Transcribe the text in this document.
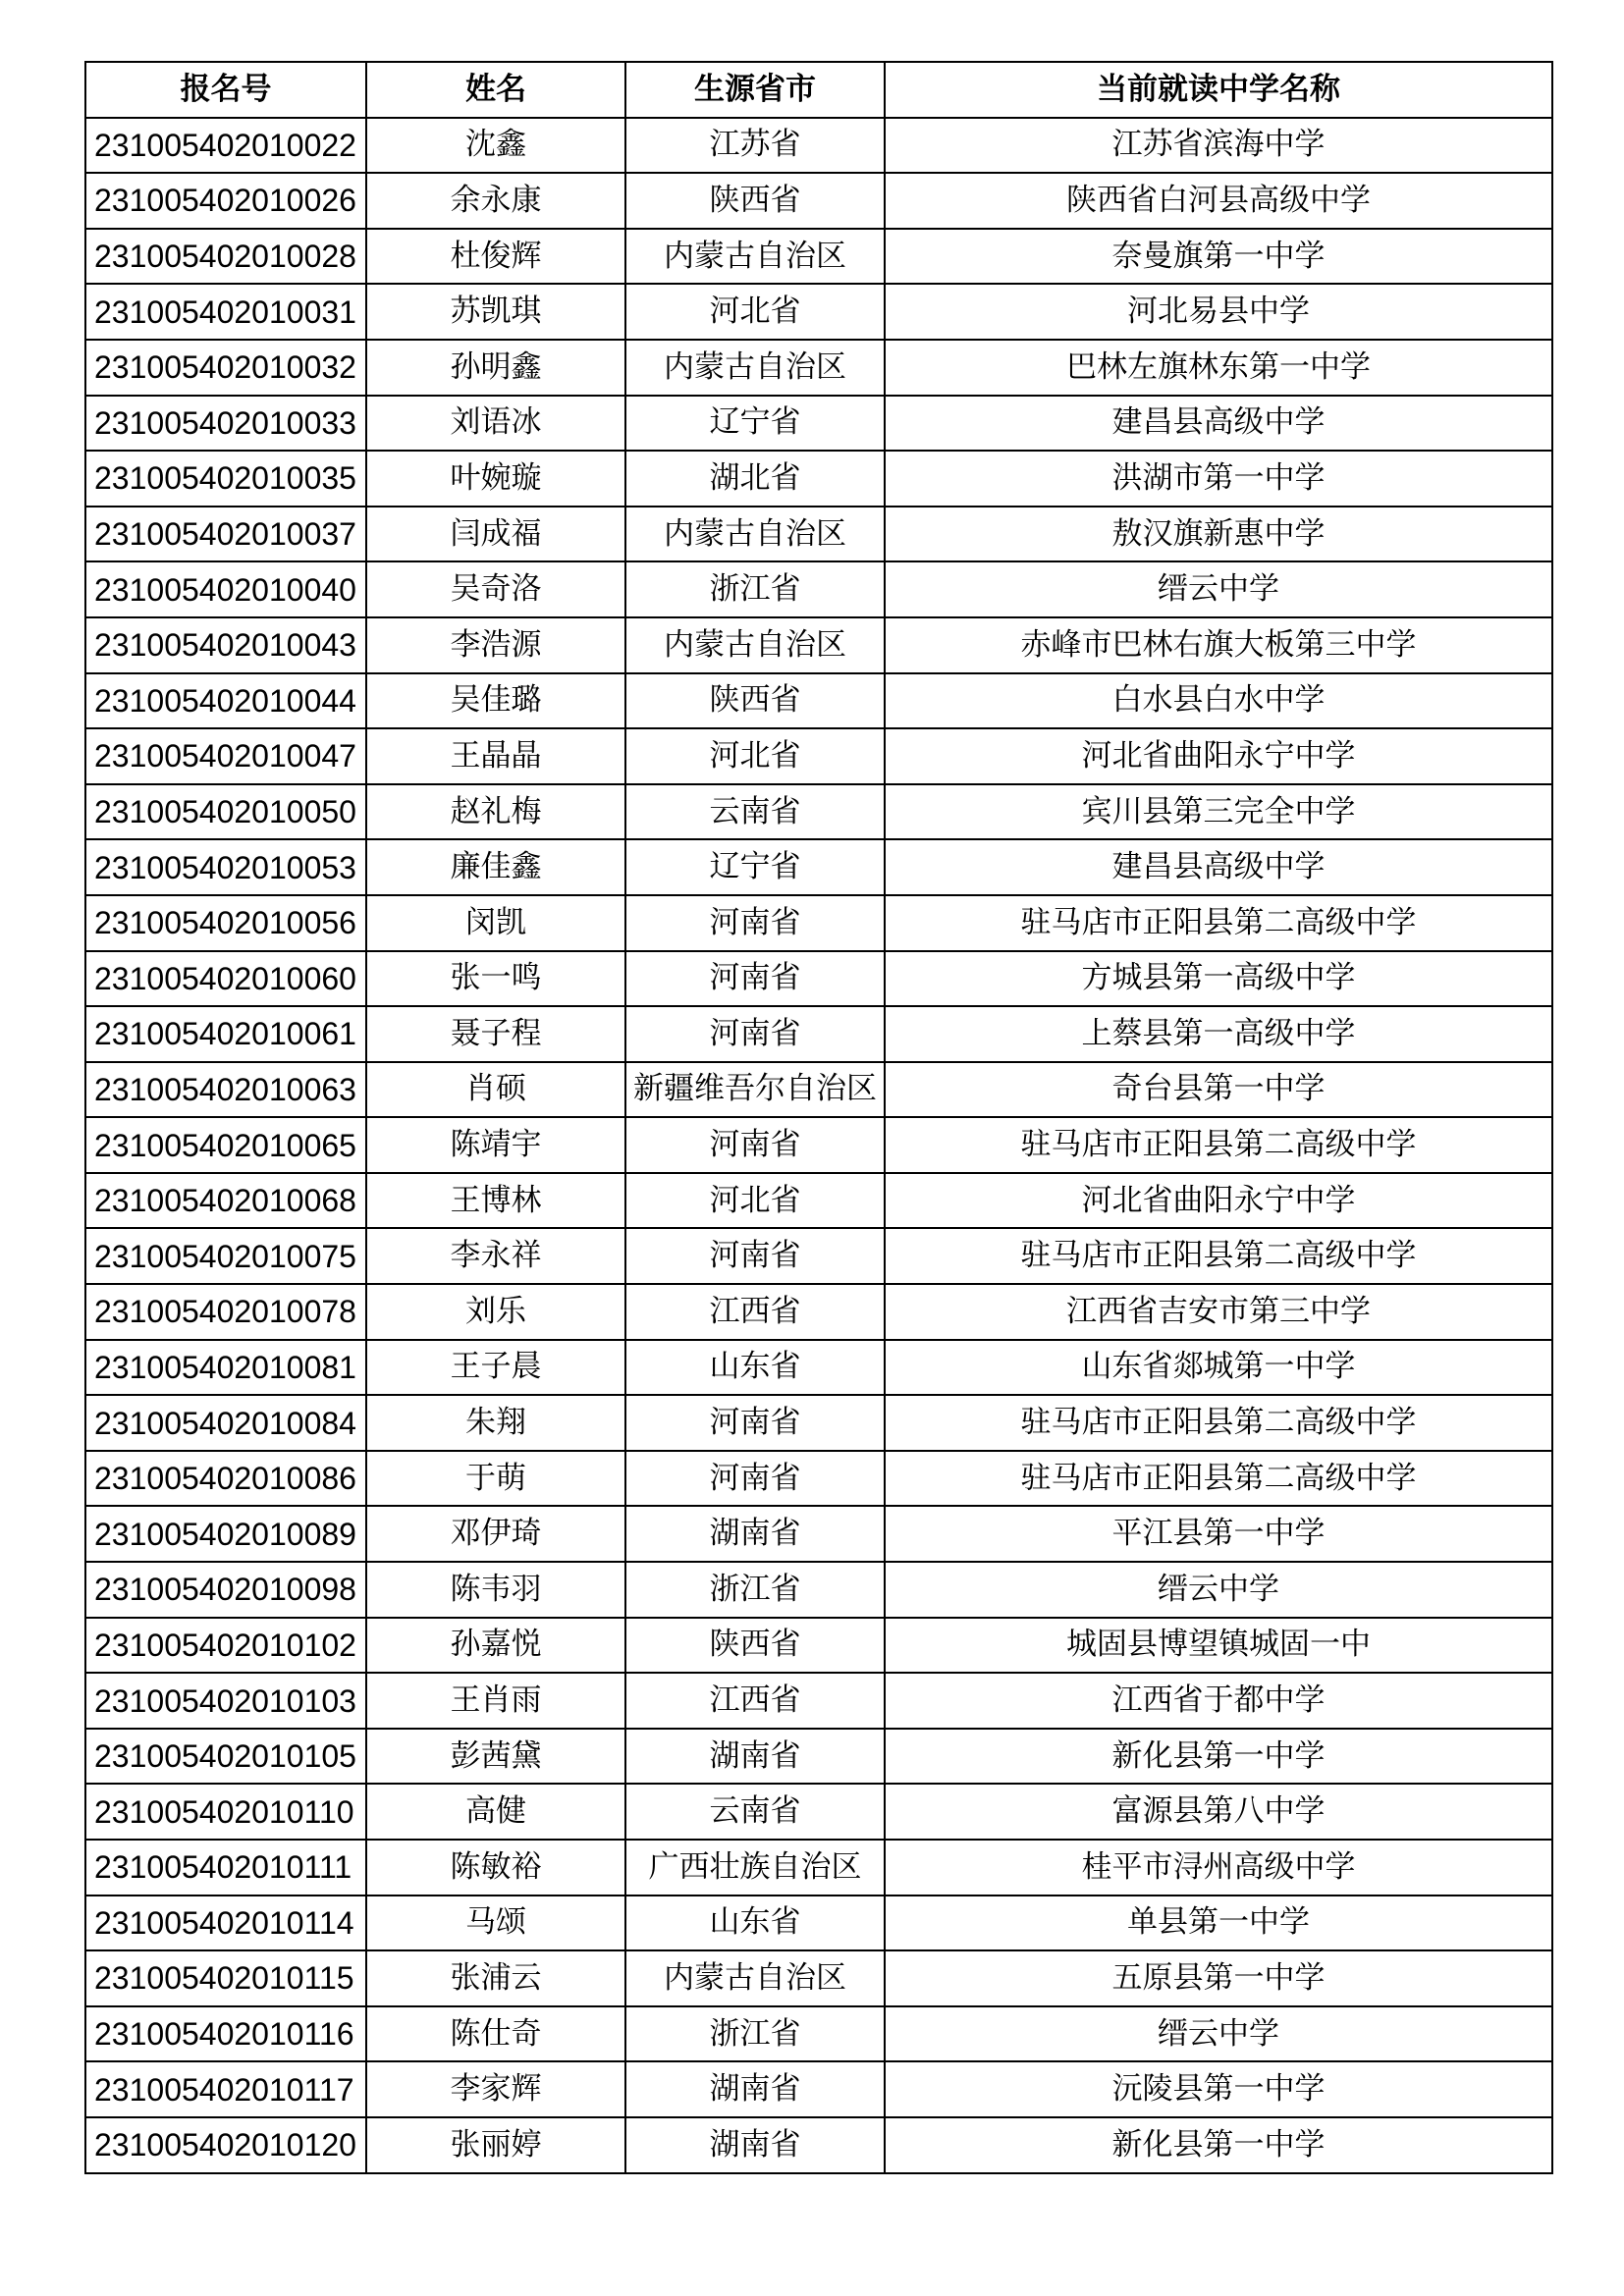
报名号	姓名	生源省市	当前就读中学名称
231005402010022	沈鑫	江苏省	江苏省滨海中学
231005402010026	余永康	陕西省	陕西省白河县高级中学
231005402010028	杜俊辉	内蒙古自治区	奈曼旗第一中学
231005402010031	苏凯琪	河北省	河北易县中学
231005402010032	孙明鑫	内蒙古自治区	巴林左旗林东第一中学
231005402010033	刘语冰	辽宁省	建昌县高级中学
231005402010035	叶婉璇	湖北省	洪湖市第一中学
231005402010037	闫成福	内蒙古自治区	敖汉旗新惠中学
231005402010040	吴奇洛	浙江省	缙云中学
231005402010043	李浩源	内蒙古自治区	赤峰市巴林右旗大板第三中学
231005402010044	吴佳璐	陕西省	白水县白水中学
231005402010047	王晶晶	河北省	河北省曲阳永宁中学
231005402010050	赵礼梅	云南省	宾川县第三完全中学
231005402010053	廉佳鑫	辽宁省	建昌县高级中学
231005402010056	闵凯	河南省	驻马店市正阳县第二高级中学
231005402010060	张一鸣	河南省	方城县第一高级中学
231005402010061	聂子程	河南省	上蔡县第一高级中学
231005402010063	肖硕	新疆维吾尔自治区	奇台县第一中学
231005402010065	陈靖宇	河南省	驻马店市正阳县第二高级中学
231005402010068	王博林	河北省	河北省曲阳永宁中学
231005402010075	李永祥	河南省	驻马店市正阳县第二高级中学
231005402010078	刘乐	江西省	江西省吉安市第三中学
231005402010081	王子晨	山东省	山东省郯城第一中学
231005402010084	朱翔	河南省	驻马店市正阳县第二高级中学
231005402010086	于萌	河南省	驻马店市正阳县第二高级中学
231005402010089	邓伊琦	湖南省	平江县第一中学
231005402010098	陈韦羽	浙江省	缙云中学
231005402010102	孙嘉悦	陕西省	城固县博望镇城固一中
231005402010103	王肖雨	江西省	江西省于都中学
231005402010105	彭茜黛	湖南省	新化县第一中学
231005402010110	高健	云南省	富源县第八中学
231005402010111	陈敏裕	广西壮族自治区	桂平市浔州高级中学
231005402010114	马颂	山东省	单县第一中学
231005402010115	张浦云	内蒙古自治区	五原县第一中学
231005402010116	陈仕奇	浙江省	缙云中学
231005402010117	李家辉	湖南省	沅陵县第一中学
231005402010120	张丽婷	湖南省	新化县第一中学
